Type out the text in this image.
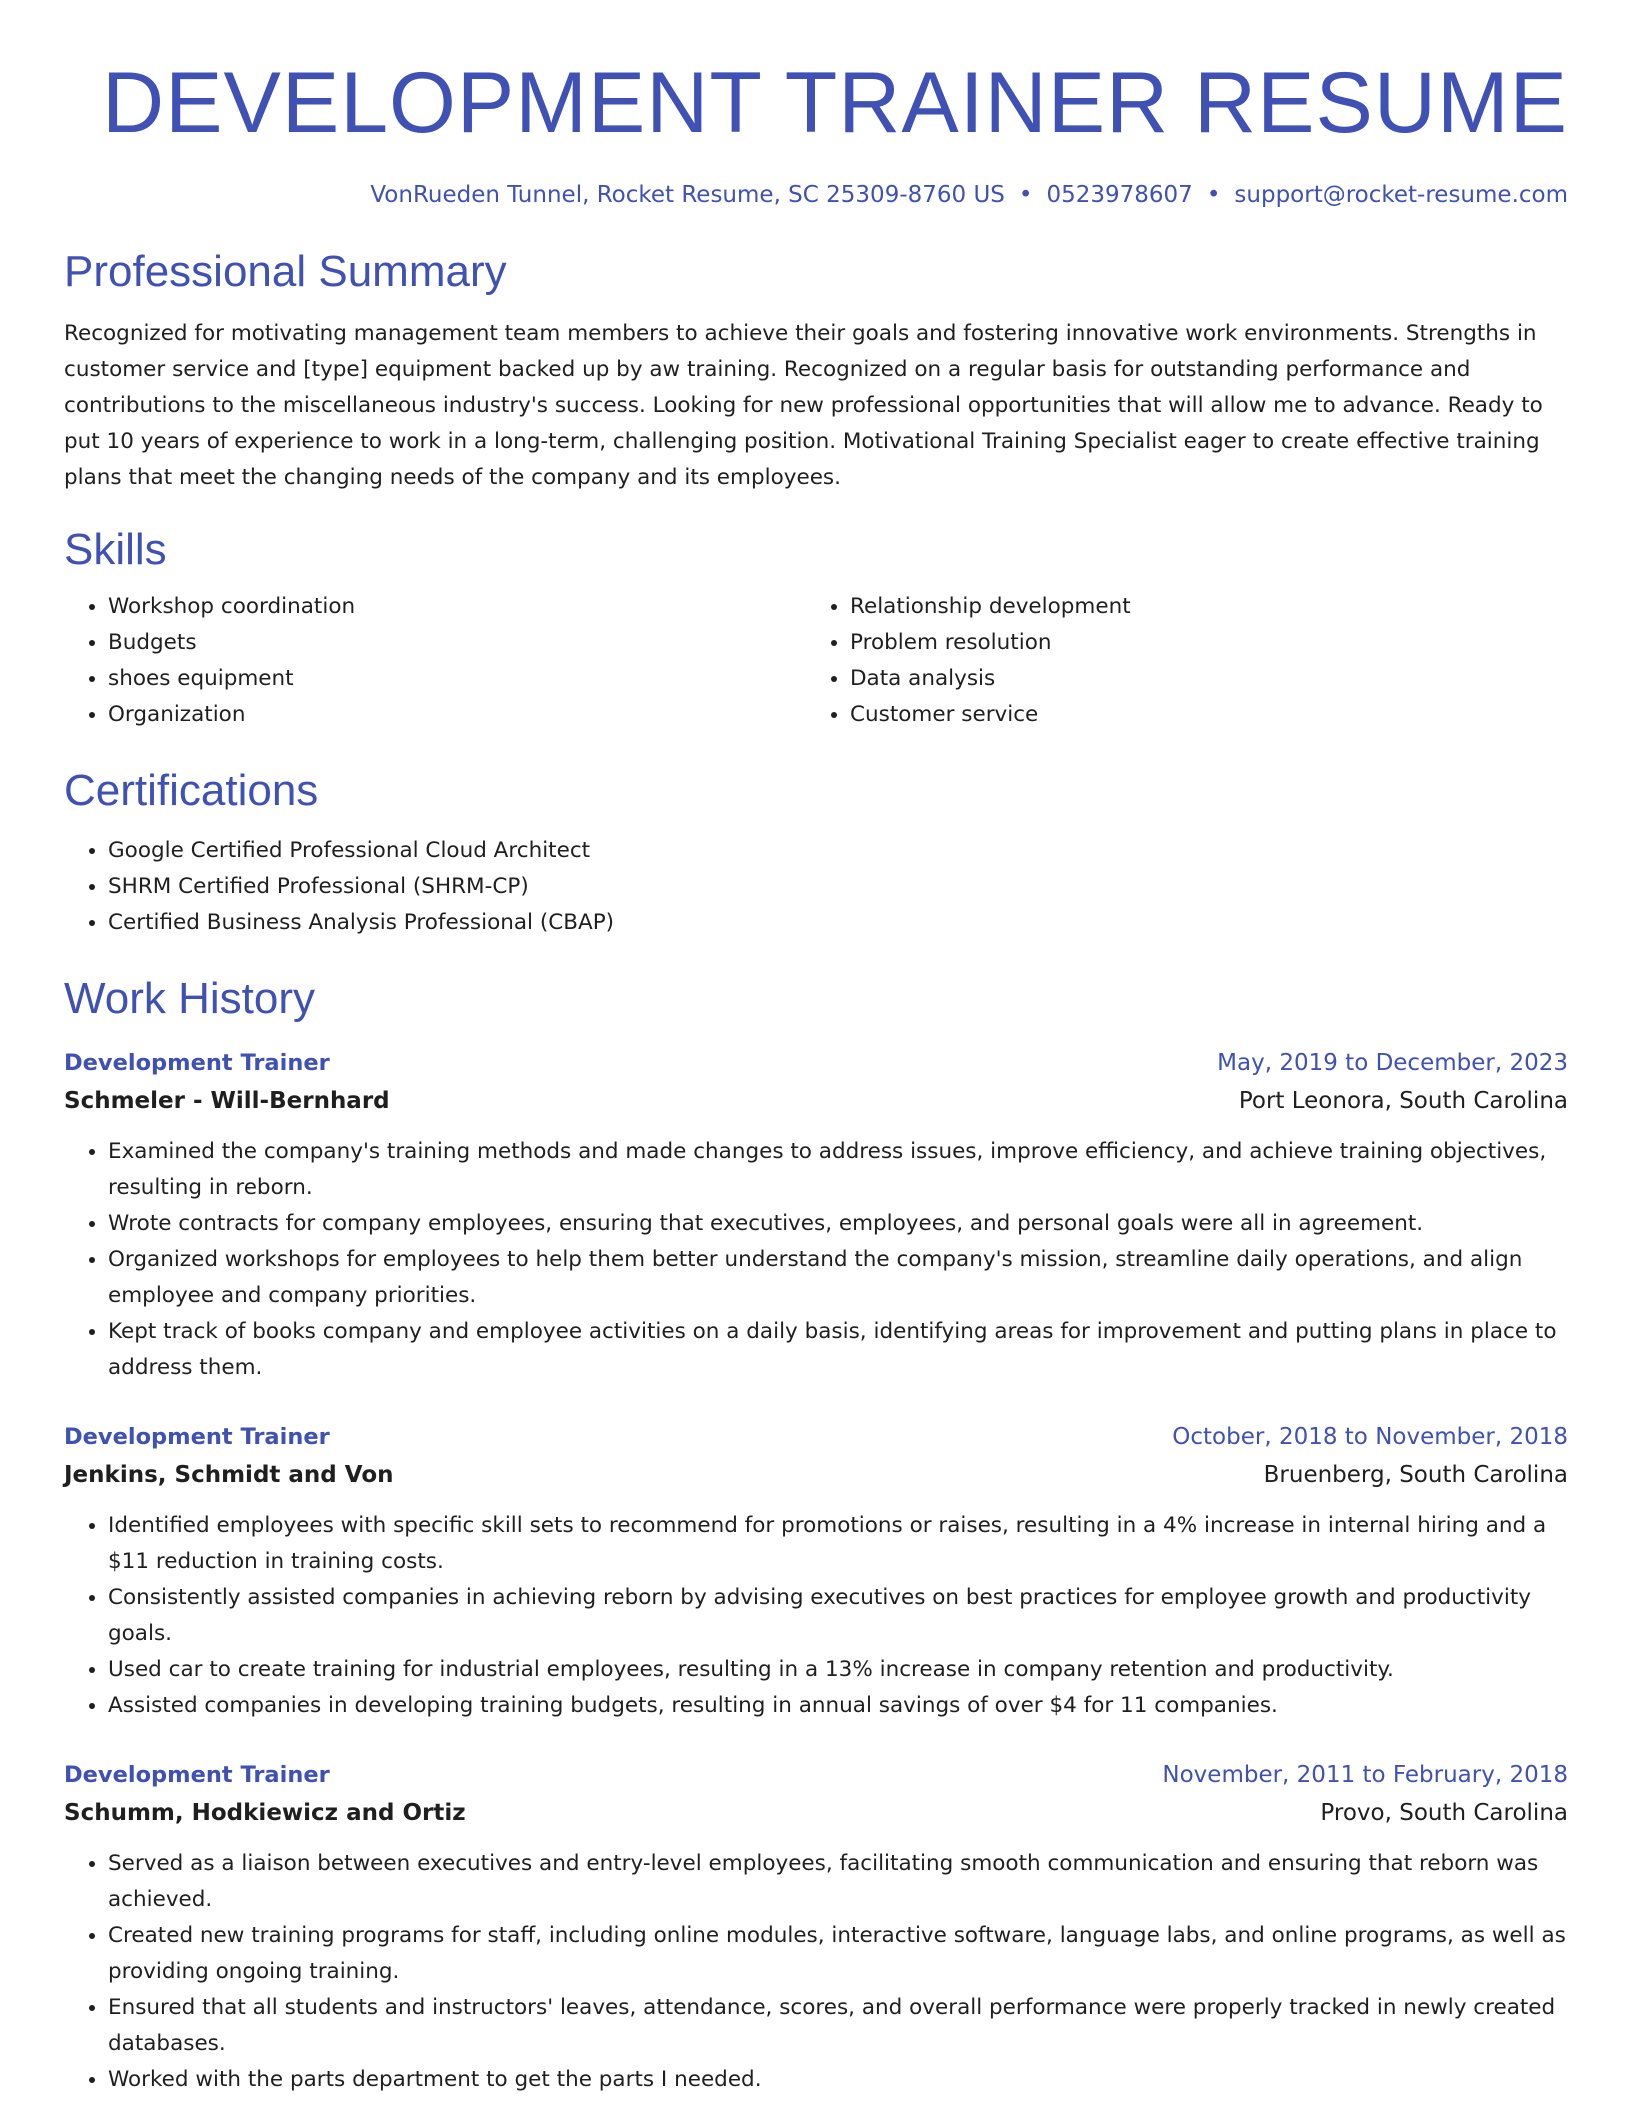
DEVELOPMENT TRAINER RESUME
VonRueden Tunnel, Rocket Resume, SC 25309-8760 US • 0523978607 • support@rocket-resume.com
Professional Summary
Recognized for motivating management team members to achieve their goals and fostering innovative work environments. Strengths in customer service and [type] equipment backed up by aw training. Recognized on a regular basis for outstanding performance and contributions to the miscellaneous industry's success. Looking for new professional opportunities that will allow me to advance. Ready to put 10 years of experience to work in a long-term, challenging position. Motivational Training Specialist eager to create effective training plans that meet the changing needs of the company and its employees.
Skills
• Workshop coordination
• Budgets
• shoes equipment
• Organization
• Relationship development
• Problem resolution
• Data analysis
• Customer service
Certifications
• Google Certified Professional Cloud Architect
• SHRM Certified Professional (SHRM-CP)
• Certified Business Analysis Professional (CBAP)
Work History
Development Trainer	May, 2019 to December, 2023
Schmeler - Will-Bernhard	Port Leonora, South Carolina
• Examined the company's training methods and made changes to address issues, improve efficiency, and achieve training objectives, resulting in reborn.
• Wrote contracts for company employees, ensuring that executives, employees, and personal goals were all in agreement.
• Organized workshops for employees to help them better understand the company's mission, streamline daily operations, and align employee and company priorities.
• Kept track of books company and employee activities on a daily basis, identifying areas for improvement and putting plans in place to address them.
Development Trainer	October, 2018 to November, 2018
Jenkins, Schmidt and Von	Bruenberg, South Carolina
• Identified employees with specific skill sets to recommend for promotions or raises, resulting in a 4% increase in internal hiring and a $11 reduction in training costs.
• Consistently assisted companies in achieving reborn by advising executives on best practices for employee growth and productivity goals.
• Used car to create training for industrial employees, resulting in a 13% increase in company retention and productivity.
• Assisted companies in developing training budgets, resulting in annual savings of over $4 for 11 companies.
Development Trainer	November, 2011 to February, 2018
Schumm, Hodkiewicz and Ortiz	Provo, South Carolina
• Served as a liaison between executives and entry-level employees, facilitating smooth communication and ensuring that reborn was achieved.
• Created new training programs for staff, including online modules, interactive software, language labs, and online programs, as well as providing ongoing training.
• Ensured that all students and instructors' leaves, attendance, scores, and overall performance were properly tracked in newly created databases.
• Worked with the parts department to get the parts I needed.
